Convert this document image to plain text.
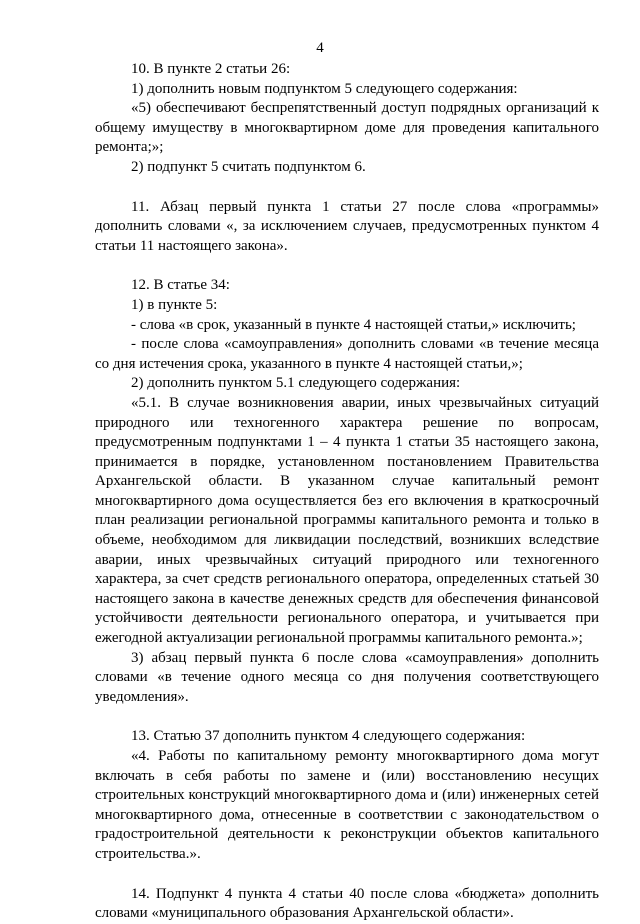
4

10. В пункте 2 статьи 26:

1) дополнить новым подпунктом 5 следующего содержания:

«5) обеспечивают беспрепятственный доступ подрядных организаций к общему имуществу в многоквартирном доме для проведения капитального ремонта;»;

2) подпункт 5 считать подпунктом 6.

11. Абзац первый пункта 1 статьи 27 после слова «программы» дополнить словами «, за исключением случаев, предусмотренных пунктом 4 статьи 11 настоящего закона».

12. В статье 34:

1) в пункте 5:

- слова «в срок, указанный в пункте 4 настоящей статьи,» исключить;

- после слова «самоуправления» дополнить словами «в течение месяца со дня истечения срока, указанного в пункте 4 настоящей статьи,»;

2) дополнить пунктом 5.1 следующего содержания:

«5.1. В случае возникновения аварии, иных чрезвычайных ситуаций природного или техногенного характера решение по вопросам, предусмотренным подпунктами 1 – 4 пункта 1 статьи 35 настоящего закона, принимается в порядке, установленном постановлением Правительства Архангельской области. В указанном случае капитальный ремонт многоквартирного дома осуществляется без его включения в краткосрочный план реализации региональной программы капитального ремонта и только в объеме, необходимом для ликвидации последствий, возникших вследствие аварии, иных чрезвычайных ситуаций природного или техногенного характера, за счет средств регионального оператора, определенных статьей 30 настоящего закона в качестве денежных средств для обеспечения финансовой устойчивости деятельности регионального оператора, и учитывается при ежегодной актуализации региональной программы капитального ремонта.»;

3) абзац первый пункта 6 после слова «самоуправления» дополнить словами «в течение одного месяца со дня получения соответствующего уведомления».

13. Статью 37 дополнить пунктом 4 следующего содержания:

«4. Работы по капитальному ремонту многоквартирного дома могут включать в себя работы по замене и (или) восстановлению несущих строительных конструкций многоквартирного дома и (или) инженерных сетей многоквартирного дома, отнесенные в соответствии с законодательством о градостроительной деятельности к реконструкции объектов капитального строительства.».

14. Подпункт 4 пункта 4 статьи 40 после слова «бюджета» дополнить словами «муниципального образования Архангельской области».
